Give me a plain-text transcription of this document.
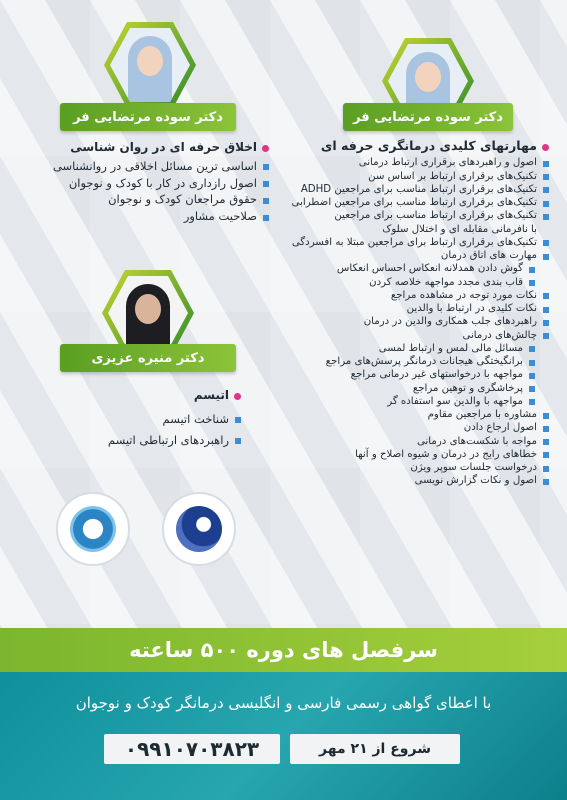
دکتر سوده مرتضایی فر
مهارتهای کلیدی درمانگری حرفه ای
اصول و راهبردهای برقراری ارتباط درمانی
تکنیک‌های برقراری ارتباط بر اساس سن
تکنیک‌های برقراری ارتباط مناسب برای مراجعین ADHD
تکنیک‌های برقراری ارتباط مناسب برای مراجعین اضطرابی
تکنیک‌های برقراری ارتباط مناسب برای مراجعین
با نافرمانی مقابله ای و اختلال سلوک
تکنیک‌های برقراری ارتباط برای مراجعین مبتلا به افسردگی
مهارت های اتاق درمان
گوش دادن همدلانه انعکاس احساس انعکاس
قاب بندی مجدد مواجهه خلاصه کردن
نکات مورد توجه در مشاهده مراجع
نکات کلیدی در ارتباط با والدین
راهبردهای جلب همکاری والدین در درمان
چالش‌های درمانی
مسائل مالی لمس و ارتباط لمسی
برانگیختگی هیجانات درمانگر پرسش‌های مراجع
مواجهه با درخواستهای غیر درمانی مراجع
پرخاشگری و توهین مراجع
مواجهه با والدین سو استفاده گر
مشاوره با مراجعین مقاوم
اصول ارجاع دادن
مواجه با شکست‌های درمانی
خطاهای رایج در درمان و شیوه اصلاح و آنها
درخواست جلسات سوپر ویژن
اصول و نکات گزارش نویسی
دکتر سوده مرتضایی فر
اخلاق حرفه ای در روان شناسی
اساسی ترین مسائل اخلاقی در روانشناسی
اصول رازداری در کار با کودک و نوجوان
حقوق مراجعان کودک و نوجوان
صلاحیت مشاور
دکتر منیره عزیزی
اتیسم
شناخت اتیسم
راهبردهای ارتباطی اتیسم
سرفصل های دوره ۵۰۰ ساعته
با اعطای گواهی رسمی فارسی و انگلیسی درمانگر کودک و نوجوان
شروع از ۲۱ مهر
۰۹۹۱۰۷۰۳۸۲۳
